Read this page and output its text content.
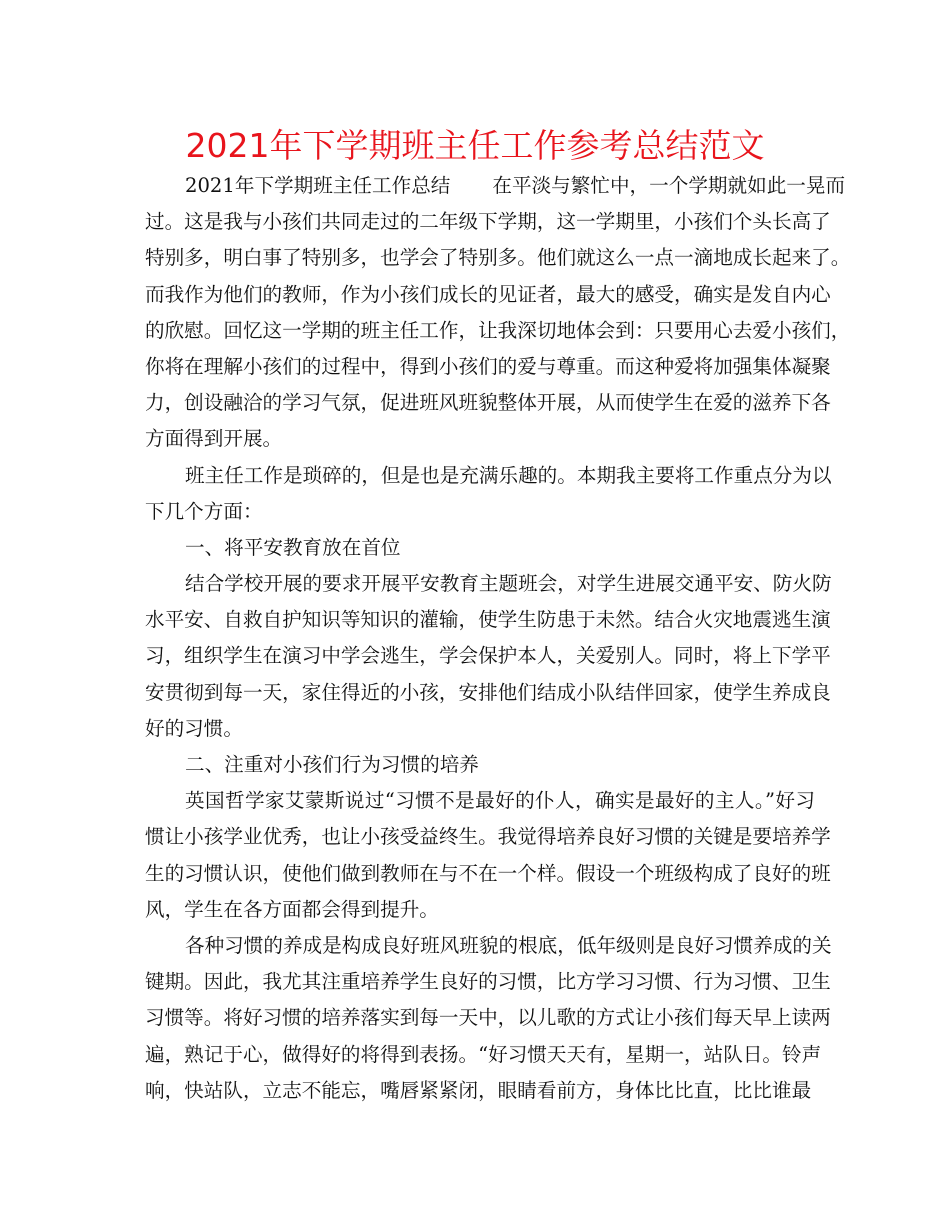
2021年下学期班主任工作参考总结范文
2021年下学期班主任工作总结 在平淡与繁忙中，一个学期就如此一晃而
过。这是我与小孩们共同走过的二年级下学期，这一学期里，小孩们个头长高了
特别多，明白事了特别多，也学会了特别多。他们就这么一点一滴地成长起来了。
而我作为他们的教师，作为小孩们成长的见证者，最大的感受，确实是发自内心
的欣慰。回忆这一学期的班主任工作，让我深切地体会到：只要用心去爱小孩们，
你将在理解小孩们的过程中，得到小孩们的爱与尊重。而这种爱将加强集体凝聚
力，创设融洽的学习气氛，促进班风班貌整体开展，从而使学生在爱的滋养下各
方面得到开展。
班主任工作是琐碎的，但是也是充满乐趣的。本期我主要将工作重点分为以
下几个方面：
一、将平安教育放在首位
结合学校开展的要求开展平安教育主题班会，对学生进展交通平安、防火防
水平安、自救自护知识等知识的灌输，使学生防患于未然。结合火灾地震逃生演
习，组织学生在演习中学会逃生，学会保护本人，关爱别人。同时，将上下学平
安贯彻到每一天，家住得近的小孩，安排他们结成小队结伴回家，使学生养成良
好的习惯。
二、注重对小孩们行为习惯的培养
英国哲学家艾蒙斯说过“习惯不是最好的仆人，确实是最好的主人。”好习
惯让小孩学业优秀，也让小孩受益终生。我觉得培养良好习惯的关键是要培养学
生的习惯认识，使他们做到教师在与不在一个样。假设一个班级构成了良好的班
风，学生在各方面都会得到提升。
各种习惯的养成是构成良好班风班貌的根底，低年级则是良好习惯养成的关
键期。因此，我尤其注重培养学生良好的习惯，比方学习习惯、行为习惯、卫生
习惯等。将好习惯的培养落实到每一天中，以儿歌的方式让小孩们每天早上读两
遍，熟记于心，做得好的将得到表扬。“好习惯天天有，星期一，站队日。铃声
响，快站队，立志不能忘，嘴唇紧紧闭，眼睛看前方，身体比比直，比比谁最
